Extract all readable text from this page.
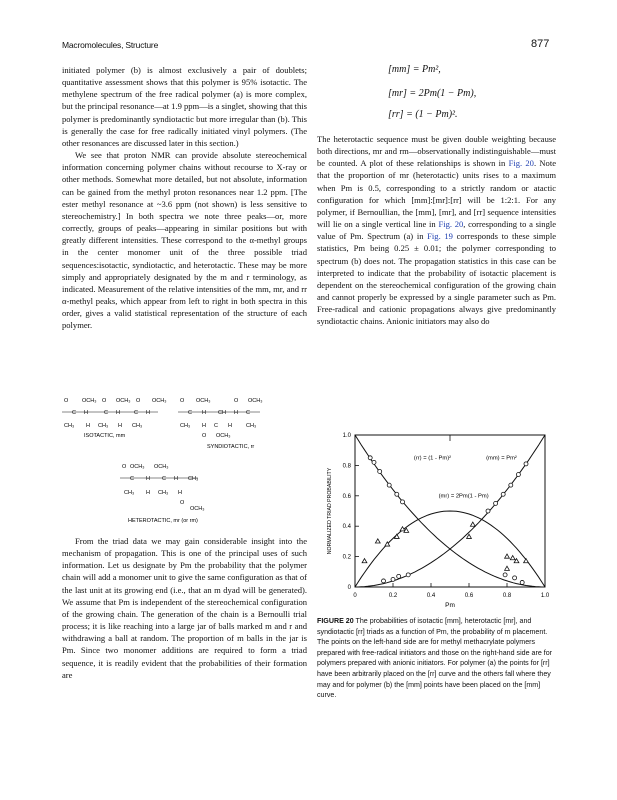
Macromolecules, Structure	877

initiated polymer (b) is almost exclusively a pair of doublets; quantitative assessment shows that this polymer is 95% isotactic. The methylene spectrum of the free radical polymer (a) is more complex, but the principal resonance—at 1.9 ppm—is a singlet, showing that this polymer is predominantly syndiotactic but more irregular than (b). This is generally the case for free radically initiated vinyl polymers. (The other resonances are discussed later in this section.)

We see that proton NMR can provide absolute stereochemical information concerning polymer chains without recourse to X-ray or other methods. Somewhat more detailed, but not absolute, information can be gained from the methyl proton resonances near 1.2 ppm. [The ester methyl resonance at ~3.6 ppm (not shown) is less sensitive to stereochemistry.] In both spectra we note three peaks—or, more correctly, groups of peaks—appearing in similar positions but with greatly different intensities. These correspond to the α-methyl groups in the center monomer unit of the three possible triad sequences:isotactic, syndiotactic, and heterotactic. These may be more simply and appropriately designated by the m and r terminology, as indicated. Measurement of the relative intensities of the mm, mr, and rr α-methyl peaks, which appear from left to right in both spectra in this order, gives a valid statistical representation of the structure of each polymer.

O OCH₃ O OCH₃ O OCH₃
C H	C H	C H
CH₃ H CH₃ H CH₃
ISOTACTIC, mm
O OCH₃	O OCH₃
C H CH H C
CH₃ H C H	CH₃
O OCH₃
SYNDIOTACTIC, rr
O OCH₃ OCH₃
C H C H CH₃
CH₃ H CH₃ H
O
OCH₃
HETEROTACTIC, mr (or rm)

From the triad data we may gain considerable insight into the mechanism of propagation. This is one of the principal uses of such information. Let us designate by Pm the probability that the polymer chain will add a monomer unit to give the same configuration as that of the last unit at its growing end (i.e., that an m dyad will be generated). We assume that Pm is independent of the stereochemical configuration of the growing chain. The generation of the chain is a Bernoulli trial process; it is like reaching into a large jar of balls marked m and r and withdrawing a ball at random. The proportion of m balls in the jar is Pm. Since two monomer additions are required to form a triad sequence, it is readily evident that the probabilities of their formation are

[mm] = Pm²,
[mr] = 2Pm(1 − Pm),
[rr] = (1 − Pm)².

The heterotactic sequence must be given double weighting because both directions, mr and rm—observationally indistinguishable—must be counted. A plot of these relationships is shown in Fig. 20. Note that the proportion of mr (heterotactic) units rises to a maximum when Pm is 0.5, corresponding to a strictly random or atactic configuration for which [mm]:[mr]:[rr] will be 1:2:1. For any polymer, if Bernoullian, the [mm], [mr], and [rr] sequence intensities will lie on a single vertical line in Fig. 20, corresponding to a single value of Pm. Spectrum (a) in Fig. 19 corresponds to these simple statistics, Pm being 0.25 ± 0.01; the polymer corresponding to spectrum (b) does not. The propagation statistics in this case can be interpreted to indicate that the probability of isotactic placement is dependent on the stereochemical configuration of the growing chain and cannot properly be expressed by a single parameter such as Pm. Free-radical and cationic propagations always give predominantly syndiotactic chains. Anionic initiators may also do

0	0.2	0.4	0.6	0.8	1.0
0
0.2
0.4
0.6
0.8
1.0
Pm
NORMALIZED TRIAD PROBABILITY
(rr) = (1 - Pm)²	(mm) = Pm²
(mr) = 2Pm(1 - Pm)
FIGURE 20 The probabilities of isotactic [mm], heterotactic [mr], and syndiotactic [rr] triads as a function of Pm, the probability of m placement. The points on the left-hand side are for methyl methacrylate polymers prepared with free-radical initiators and those on the right-hand side are for polymers prepared with anionic initiators. For polymer (a) the points for [rr] have been arbitrarily placed on the [rr] curve and the others fall where they may and for polymer (b) the [mm] points have been placed on the [mm] curve.
